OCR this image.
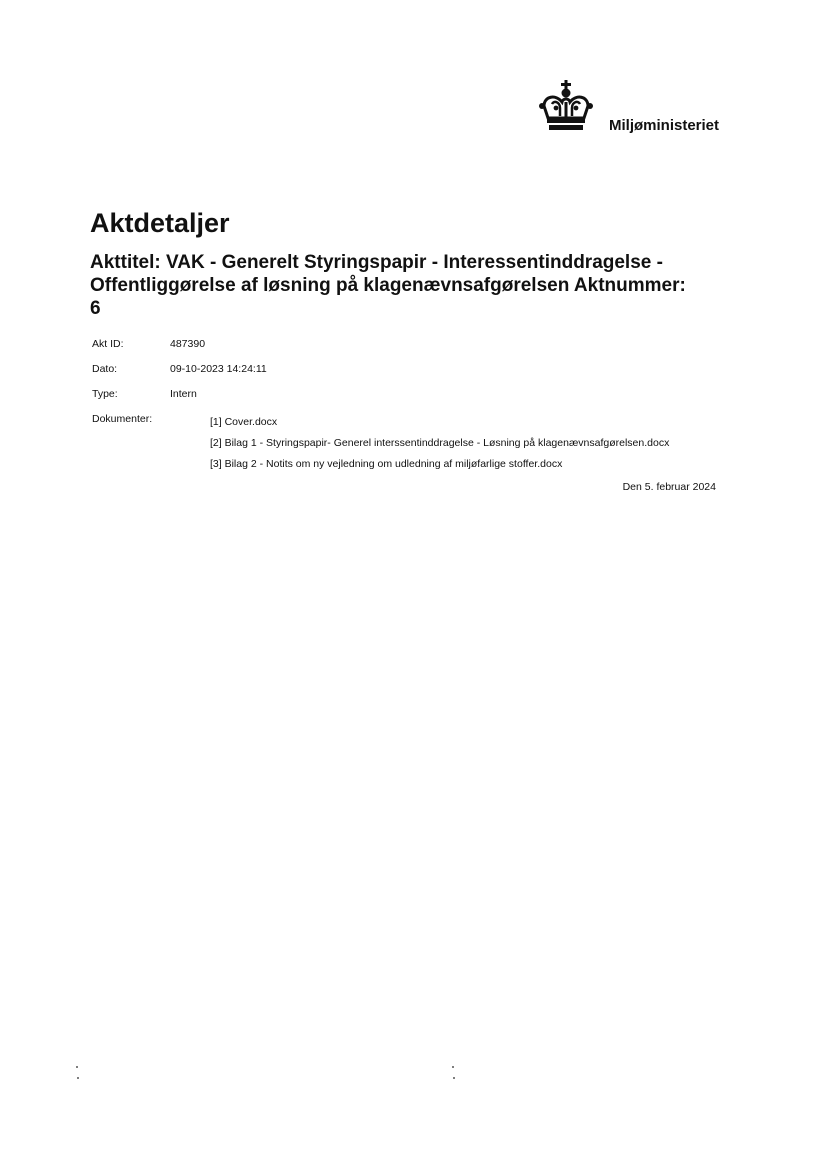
Miljøministeriet
Aktdetaljer
Akttitel: VAK - Generelt Styringspapir - Interessentinddragelse - Offentliggørelse af løsning på klagenævnsafgørelsen Aktnummer: 6
Akt ID:	487390
Dato:	09-10-2023 14:24:11
Type:	Intern
Dokumenter:	[1] Cover.docx
[2] Bilag 1 - Styringspapir- Generel interssentinddragelse - Løsning på klagenævnsafgørelsen.docx
[3] Bilag 2 - Notits om ny vejledning om udledning af miljøfarlige stoffer.docx
Den 5. februar 2024
